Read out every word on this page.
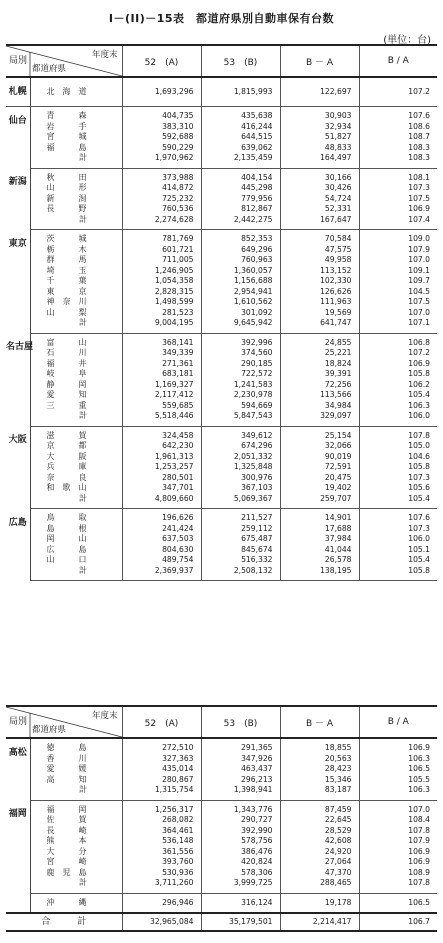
I－(II)－15表　都道府県別自動車保有台数
(単位：台)
局別
年度末
都道府県		52　(A)	53　(B)	B － A	B / A
札幌	北　海　道	1,693,296	1,815,993	122,697	107.2
仙台	青　　　森	404,735	435,638	30,903	107.6
	岩　　　手	383,310	416,244	32,934	108.6
	宮　　　城	592,688	644,515	51,827	108.7
	福　　　島	590,229	639,062	48,833	108.3
	計	1,970,962	2,135,459	164,497	108.3
新潟	秋　　　田	373,988	404,154	30,166	108.1
	山　　　形	414,872	445,298	30,426	107.3
	新　　　潟	725,232	779,956	54,724	107.5
	長　　　野	760,536	812,867	52,331	106.9
	計	2,274,628	2,442,275	167,647	107.4
東京	茨　　　城	781,769	852,353	70,584	109.0
	栃　　　木	601,721	649,296	47,575	107.9
	群　　　馬	711,005	760,963	49,958	107.0
	埼　　　玉	1,246,905	1,360,057	113,152	109.1
	千　　　葉	1,054,358	1,156,688	102,330	109.7
	東　　　京	2,828,315	2,954,941	126,626	104.5
	神　奈　川	1,498,599	1,610,562	111,963	107.5
	山　　　梨	281,523	301,092	19,569	107.0
	計	9,004,195	9,645,942	641,747	107.1
名古屋	富　　　山	368,141	392,996	24,855	106.8
	石　　　川	349,339	374,560	25,221	107.2
	福　　　井	271,361	290,185	18,824	106.9
	岐　　　阜	683,181	722,572	39,391	105.8
	静　　　岡	1,169,327	1,241,583	72,256	106.2
	愛　　　知	2,117,412	2,230,978	113,566	105.4
	三　　　重	559,685	594,669	34,984	106.3
	計	5,518,446	5,847,543	329,097	106.0
大阪	滋　　　賀	324,458	349,612	25,154	107.8
	京　　　都	642,230	674,296	32,066	105.0
	大　　　阪	1,961,313	2,051,332	90,019	104.6
	兵　　　庫	1,253,257	1,325,848	72,591	105.8
	奈　　　良	280,501	300,976	20,475	107.3
	和　歌　山	347,701	367,103	19,402	105.6
	計	4,809,660	5,069,367	259,707	105.4
広島	鳥　　　取	196,626	211,527	14,901	107.6
	島　　　根	241,424	259,112	17,688	107.3
	岡　　　山	637,503	675,487	37,984	106.0
	広　　　島	804,630	845,674	41,044	105.1
	山　　　口	489,754	516,332	26,578	105.4
	計	2,369,937	2,508,132	138,195	105.8
局別
年度末
都道府県		52　(A)	53　(B)	B － A	B / A
高松	徳　　　島	272,510	291,365	18,855	106.9
	香　　　川	327,363	347,926	20,563	106.3
	愛　　　媛	435,014	463,437	28,423	106.5
	高　　　知	280,867	296,213	15,346	105.5
	計	1,315,754	1,398,941	83,187	106.3
福岡	福　　　岡	1,256,317	1,343,776	87,459	107.0
	佐　　　賀	268,082	290,727	22,645	108.4
	長　　　崎	364,461	392,990	28,529	107.8
	熊　　　本	536,148	578,756	42,608	107.9
	大　　　分	361,556	386,476	24,920	106.9
	宮　　　崎	393,760	420,824	27,064	106.9
	鹿　児　島	530,936	578,306	47,370	108.9
	計	3,711,260	3,999,725	288,465	107.8
	沖　　　縄	296,946	316,124	19,178	106.5
合　　　計		32,965,084	35,179,501	2,214,417	106.7
